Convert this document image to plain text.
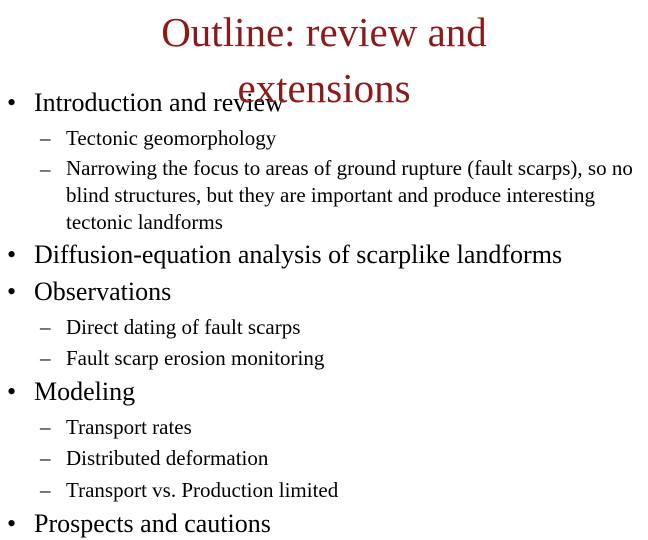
• Introduction and review
– Tectonic geomorphology
– Narrowing the focus to areas of ground rupture (fault scarps), so no blind structures, but they are important and produce interesting tectonic landforms
• Diffusion-equation analysis of scarplike landforms
• Observations
– Direct dating of fault scarps
– Fault scarp erosion monitoring
• Modeling
– Transport rates
– Distributed deformation
– Transport vs. Production limited
• Prospects and cautions
Outline: review and extensions
